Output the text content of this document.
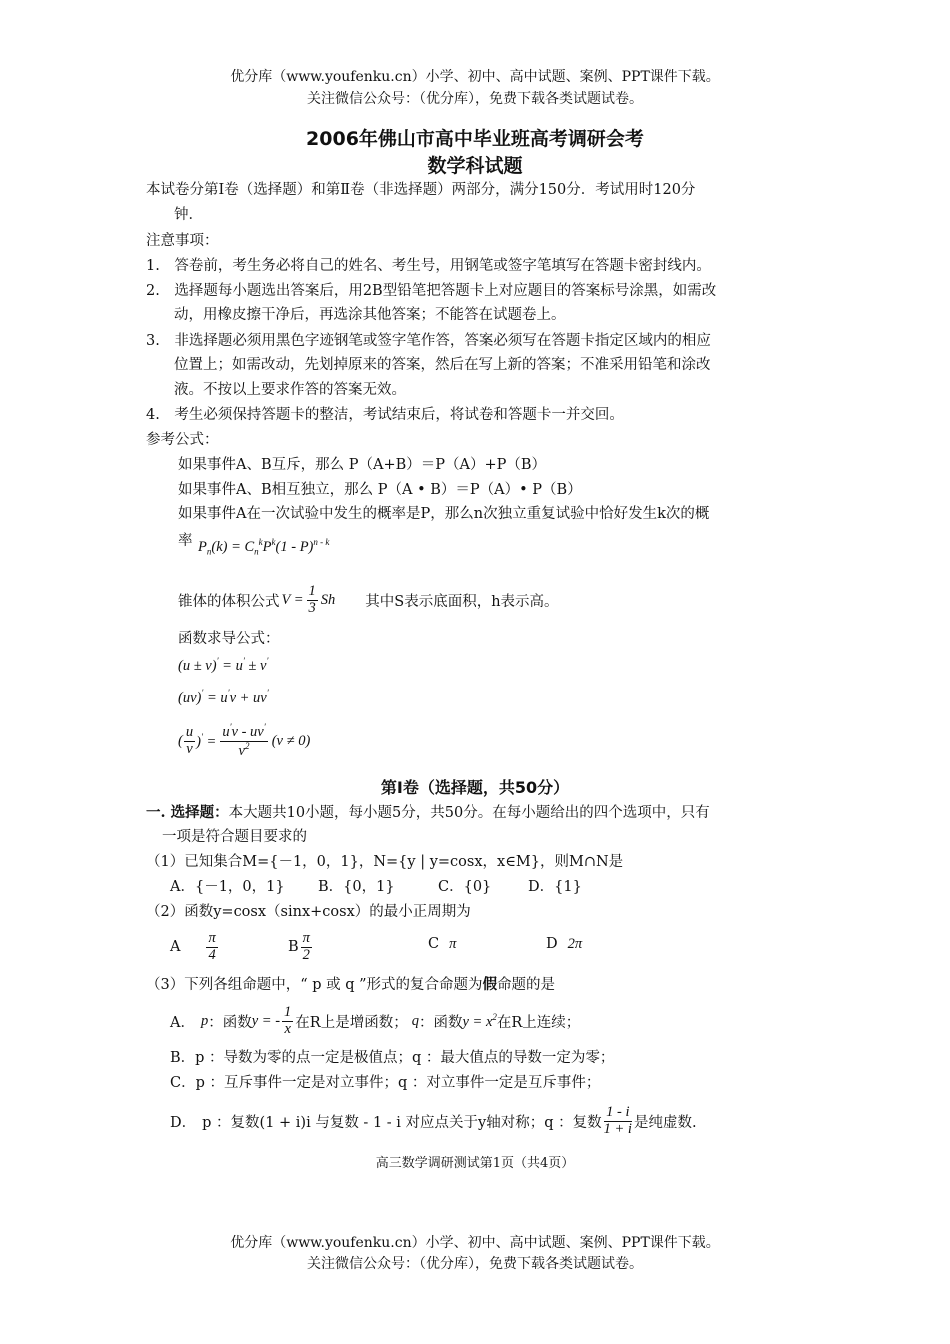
优分库（www.youfenku.cn）小学、初中、高中试题、案例、PPT课件下载。
关注微信公众号：（优分库），免费下载各类试题试卷。
2006年佛山市高中毕业班高考调研会考
数学科试题
本试卷分第Ⅰ卷（选择题）和第Ⅱ卷（非选择题）两部分，满分150分．考试用时120分
钟．
注意事项：
1.　答卷前，考生务必将自己的姓名、考生号，用钢笔或签字笔填写在答题卡密封线内。
2.　选择题每小题选出答案后，用2B型铅笔把答题卡上对应题目的答案标号涂黑，如需改
动，用橡皮擦干净后，再选涂其他答案；不能答在试题卷上。
3.　非选择题必须用黑色字迹钢笔或签字笔作答，答案必须写在答题卡指定区域内的相应
位置上；如需改动，先划掉原来的答案，然后在写上新的答案；不准采用铅笔和涂改
液。不按以上要求作答的答案无效。
4.　考生必须保持答题卡的整洁，考试结束后，将试卷和答题卡一并交回。
参考公式：
如果事件A、B互斥，那么 P（A+B）＝P（A）+P（B）
如果事件A、B相互独立，那么 P（A • B）＝P（A）• P（B）
如果事件A在一次试验中发生的概率是P，那么n次独立重复试验中恰好发生k次的概
率 $P_n(k) = C_n^kP^k(1 - P)^{n - k}$
锥体的体积公式 $V = \frac{1}{3}$ Sh 其中S表示底面积，h表示高。
函数求导公式：
(u ± v)′ = u′ ± v′
(uv)′ = u′v + uv′
( $\frac{u}{v} )' = \frac{u'v - uv'}{v^2} (v \ne 0)$
第Ⅰ卷（选择题，共50分）
一. 选择题：本大题共10小题，每小题5分，共50分。在每小题给出的四个选项中，只有
一项是符合题目要求的
（1）已知集合M={－1，0，1}，N={y | y=cosx，x∈M}，则M∩N是
A．{－1，0，1} B．{0，1}	C．{0}	D．{1}
（2）函数y=cosx（sinx+cosx）的最小正周期为
A $\frac{\pi}{4}$	B $\frac{\pi}{2}$	C π	D 2π
（3）下列各组命题中，“ p 或 q ”形式的复合命题为假命题的是
A． p ：函数 y = - $\frac{1}{x}$ 在R上是增函数； q ：函数 $y = x^2$ 在R上连续；
B．p ：导数为零的点一定是极值点；q ：最大值点的导数一定为零；
C．p ：互斥事件一定是对立事件；q ：对立事件一定是互斥事件；
D． p ：复数(1 + i)i 与复数 - 1 - i 对应点关于y轴对称；q ：复数 $\frac{1 - i}{1 + i}$ 是纯虚数.
高三数学调研测试第1页（共4页）
优分库（www.youfenku.cn）小学、初中、高中试题、案例、PPT课件下载。
关注微信公众号：（优分库），免费下载各类试题试卷。
